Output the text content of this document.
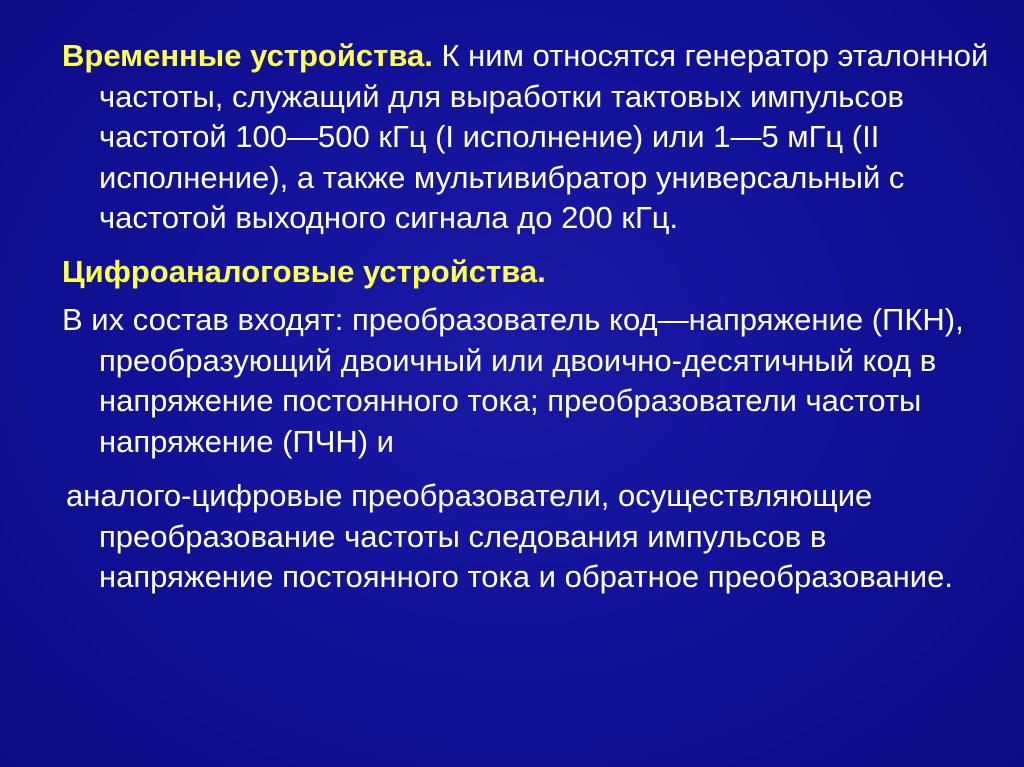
Временные устройства. К ним относятся генератор эталонной частоты, служащий для выработки тактовых импульсов частотой 100—500 кГц (I исполнение) или 1—5 мГц (II исполнение), а также мультивибратор универсальный с частотой выходного сигнала до 200 кГц.

Цифроаналоговые устройства.

В их состав входят: преобразователь код—напряжение (ПКН), преобразующий двоичный или двоично-десятичный код в напряжение постоянного тока; преобразователи частоты напряжение (ПЧН) и

аналого-цифровые преобразователи, осуществляющие преобразование частоты следования импульсов в напряжение постоянного тока и обратное преобразование.
